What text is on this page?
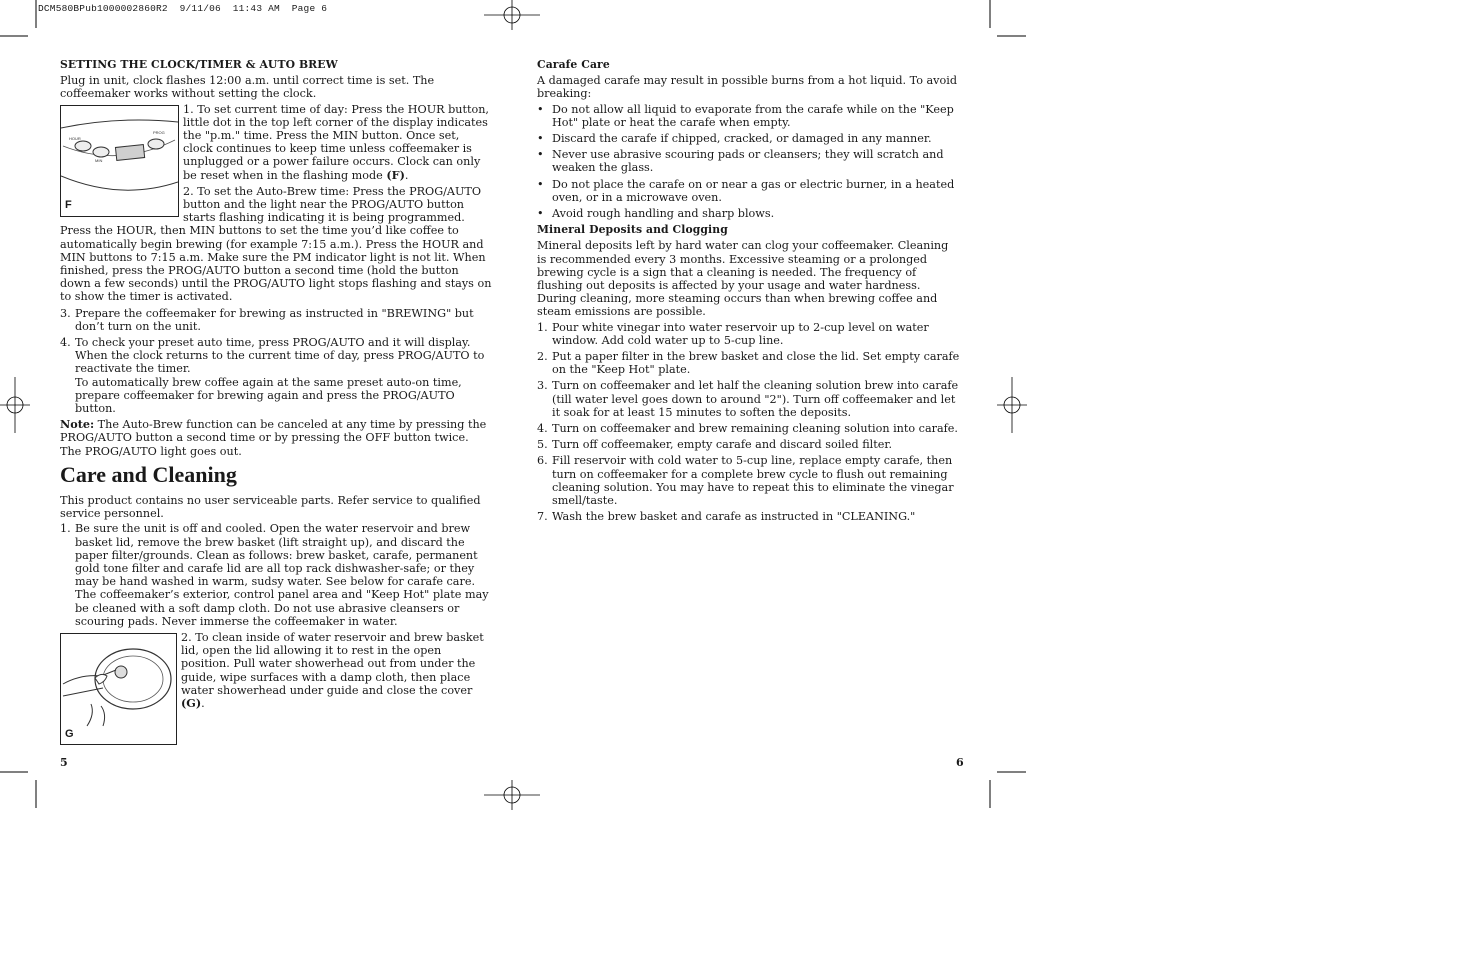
DCM580BPub1000002860R2  9/11/06  11:43 AM  Page 6
SETTING THE CLOCK/TIMER & AUTO BREW

Plug in unit, clock flashes 12:00 a.m. until correct time is set. The coffeemaker works without setting the clock.

HOUR
MIN
PROG
F
1. To set current time of day: Press the HOUR button, little dot in the top left corner of the display indicates the "p.m." time. Press the MIN button. Once set, clock continues to keep time unless coffeemaker is unplugged or a power failure occurs. Clock can only be reset when in the flashing mode (F).
2. To set the Auto-Brew time: Press the PROG/AUTO button and the light near the PROG/AUTO button starts flashing indicating it is being programmed. Press the HOUR, then MIN buttons to set the time you’d like coffee to automatically begin brewing (for example 7:15 a.m.). Press the HOUR and MIN buttons to 7:15 a.m. Make sure the PM indicator light is not lit. When finished, press the PROG/AUTO button a second time (hold the button down a few seconds) until the PROG/AUTO light stops flashing and stays on to show the timer is activated.
3. Prepare the coffeemaker for brewing as instructed in "BREWING" but don’t turn on the unit.
4. To check your preset auto time, press PROG/AUTO and it will display. When the clock returns to the current time of day, press PROG/AUTO to reactivate the timer.
To automatically brew coffee again at the same preset auto-on time, prepare coffeemaker for brewing again and press the PROG/AUTO button.

Note: The Auto-Brew function can be canceled at any time by pressing the PROG/AUTO button a second time or by pressing the OFF button twice.
The PROG/AUTO light goes out.

Care and Cleaning

This product contains no user serviceable parts. Refer service to qualified service personnel.

1. Be sure the unit is off and cooled. Open the water reservoir and brew basket lid, remove the brew basket (lift straight up), and discard the paper filter/grounds. Clean as follows: brew basket, carafe, permanent gold tone filter and carafe lid are all top rack dishwasher-safe; or they may be hand washed in warm, sudsy water. See below for carafe care. The coffeemaker’s exterior, control panel area and "Keep Hot" plate may be cleaned with a soft damp cloth. Do not use abrasive cleansers or scouring pads. Never immerse the coffeemaker in water.
G
2. To clean inside of water reservoir and brew basket lid, open the lid allowing it to rest in the open position. Pull water showerhead out from under the guide, wipe surfaces with a damp cloth, then place water showerhead under guide and close the cover (G).
5
Carafe Care

A damaged carafe may result in possible burns from a hot liquid. To avoid breaking:

• Do not allow all liquid to evaporate from the carafe while on the "Keep Hot" plate or heat the carafe when empty.
• Discard the carafe if chipped, cracked, or damaged in any manner.
• Never use abrasive scouring pads or cleansers; they will scratch and weaken the glass.
• Do not place the carafe on or near a gas or electric burner, in a heated oven, or in a microwave oven.
• Avoid rough handling and sharp blows.
Mineral Deposits and Clogging

Mineral deposits left by hard water can clog your coffeemaker. Cleaning is recommended every 3 months. Excessive steaming or a prolonged brewing cycle is a sign that a cleaning is needed. The frequency of flushing out deposits is affected by your usage and water hardness. During cleaning, more steaming occurs than when brewing coffee and steam emissions are possible.

1. Pour white vinegar into water reservoir up to 2-cup level on water window. Add cold water up to 5-cup line.
2. Put a paper filter in the brew basket and close the lid. Set empty carafe on the "Keep Hot" plate.
3. Turn on coffeemaker and let half the cleaning solution brew into carafe (till water level goes down to around "2"). Turn off coffeemaker and let it soak for at least 15 minutes to soften the deposits.
4. Turn on coffeemaker and brew remaining cleaning solution into carafe.
5. Turn off coffeemaker, empty carafe and discard soiled filter.
6. Fill reservoir with cold water to 5-cup line, replace empty carafe, then turn on coffeemaker for a complete brew cycle to flush out remaining cleaning solution. You may have to repeat this to eliminate the vinegar smell/taste.
7. Wash the brew basket and carafe as instructed in "CLEANING."
6
